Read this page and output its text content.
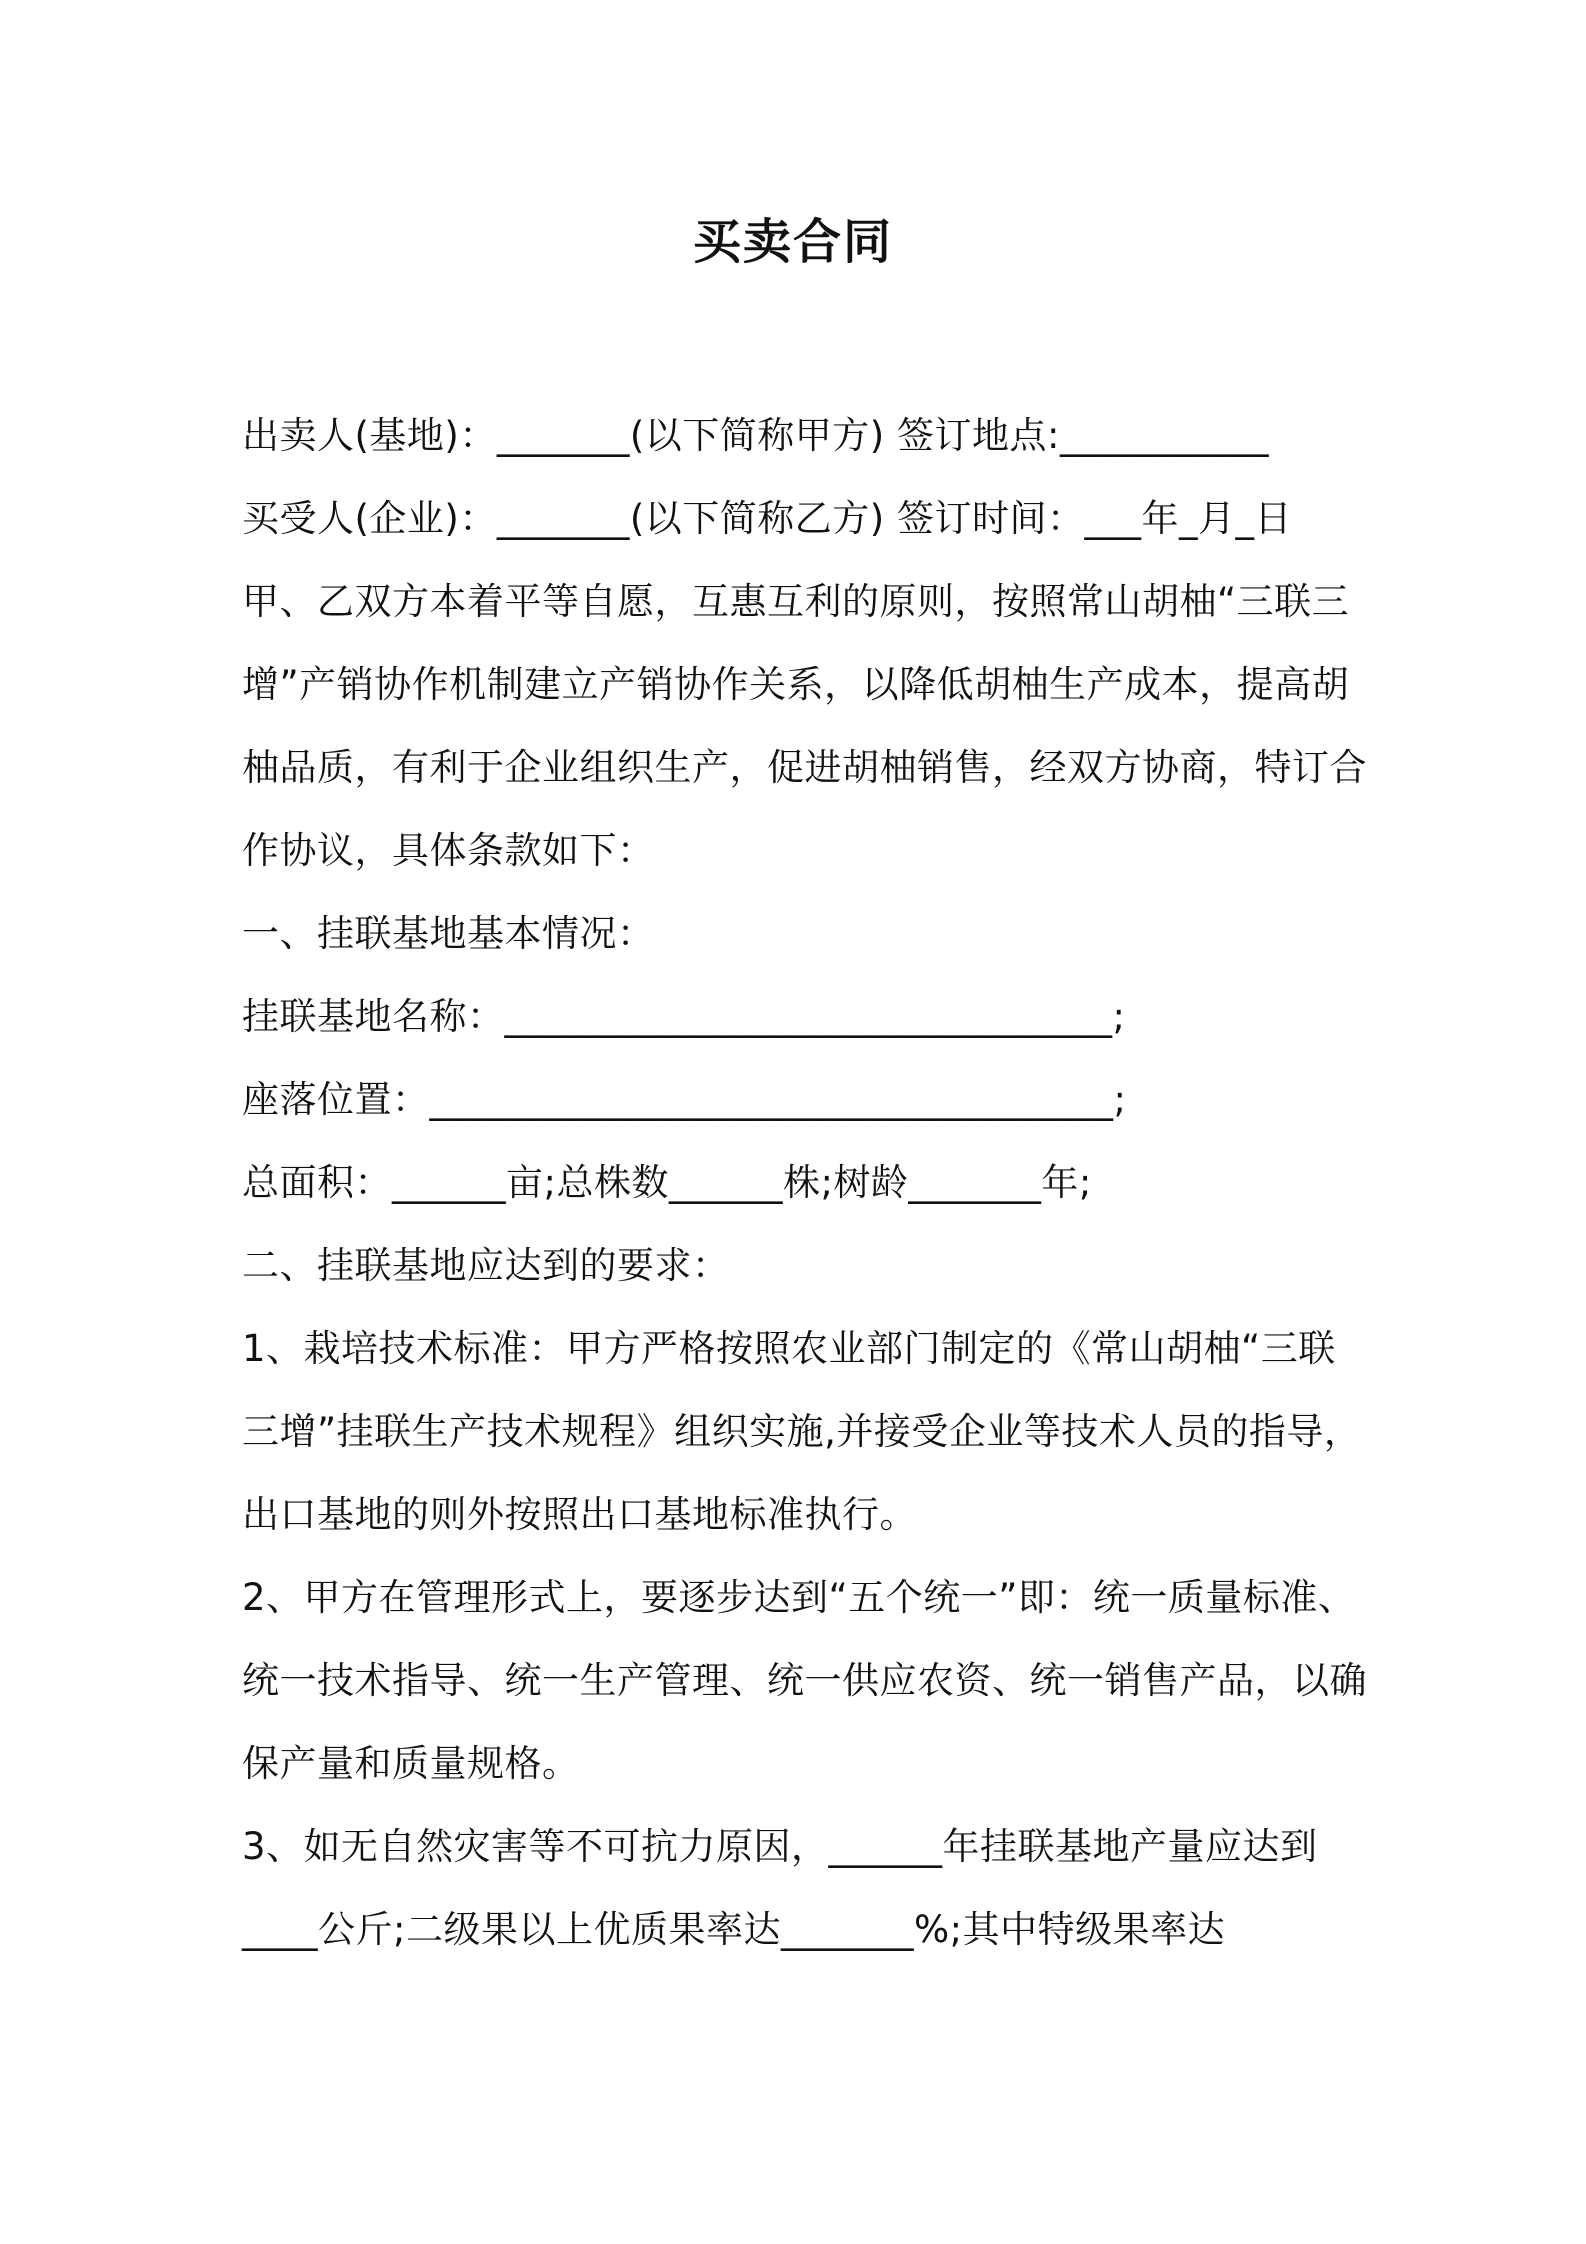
买卖合同
出卖人(基地)：_______(以下简称甲方) 签订地点:___________
买受人(企业)：_______(以下简称乙方) 签订时间：___年_月_日
甲、乙双方本着平等自愿，互惠互利的原则，按照常山胡柚“三联三
增”产销协作机制建立产销协作关系，以降低胡柚生产成本，提高胡
柚品质，有利于企业组织生产，促进胡柚销售，经双方协商，特订合
作协议，具体条款如下：
一、挂联基地基本情况：
挂联基地名称：________________________________;
座落位置：____________________________________;
总面积：______亩;总株数______株;树龄_______年;
二、挂联基地应达到的要求：
1、栽培技术标准：甲方严格按照农业部门制定的《常山胡柚“三联
三增”挂联生产技术规程》组织实施,并接受企业等技术人员的指导，
出口基地的则外按照出口基地标准执行。
2、甲方在管理形式上，要逐步达到“五个统一”即：统一质量标准、
统一技术指导、统一生产管理、统一供应农资、统一销售产品，以确
保产量和质量规格。
3、如无自然灾害等不可抗力原因，______年挂联基地产量应达到
____公斤;二级果以上优质果率达_______%;其中特级果率达
